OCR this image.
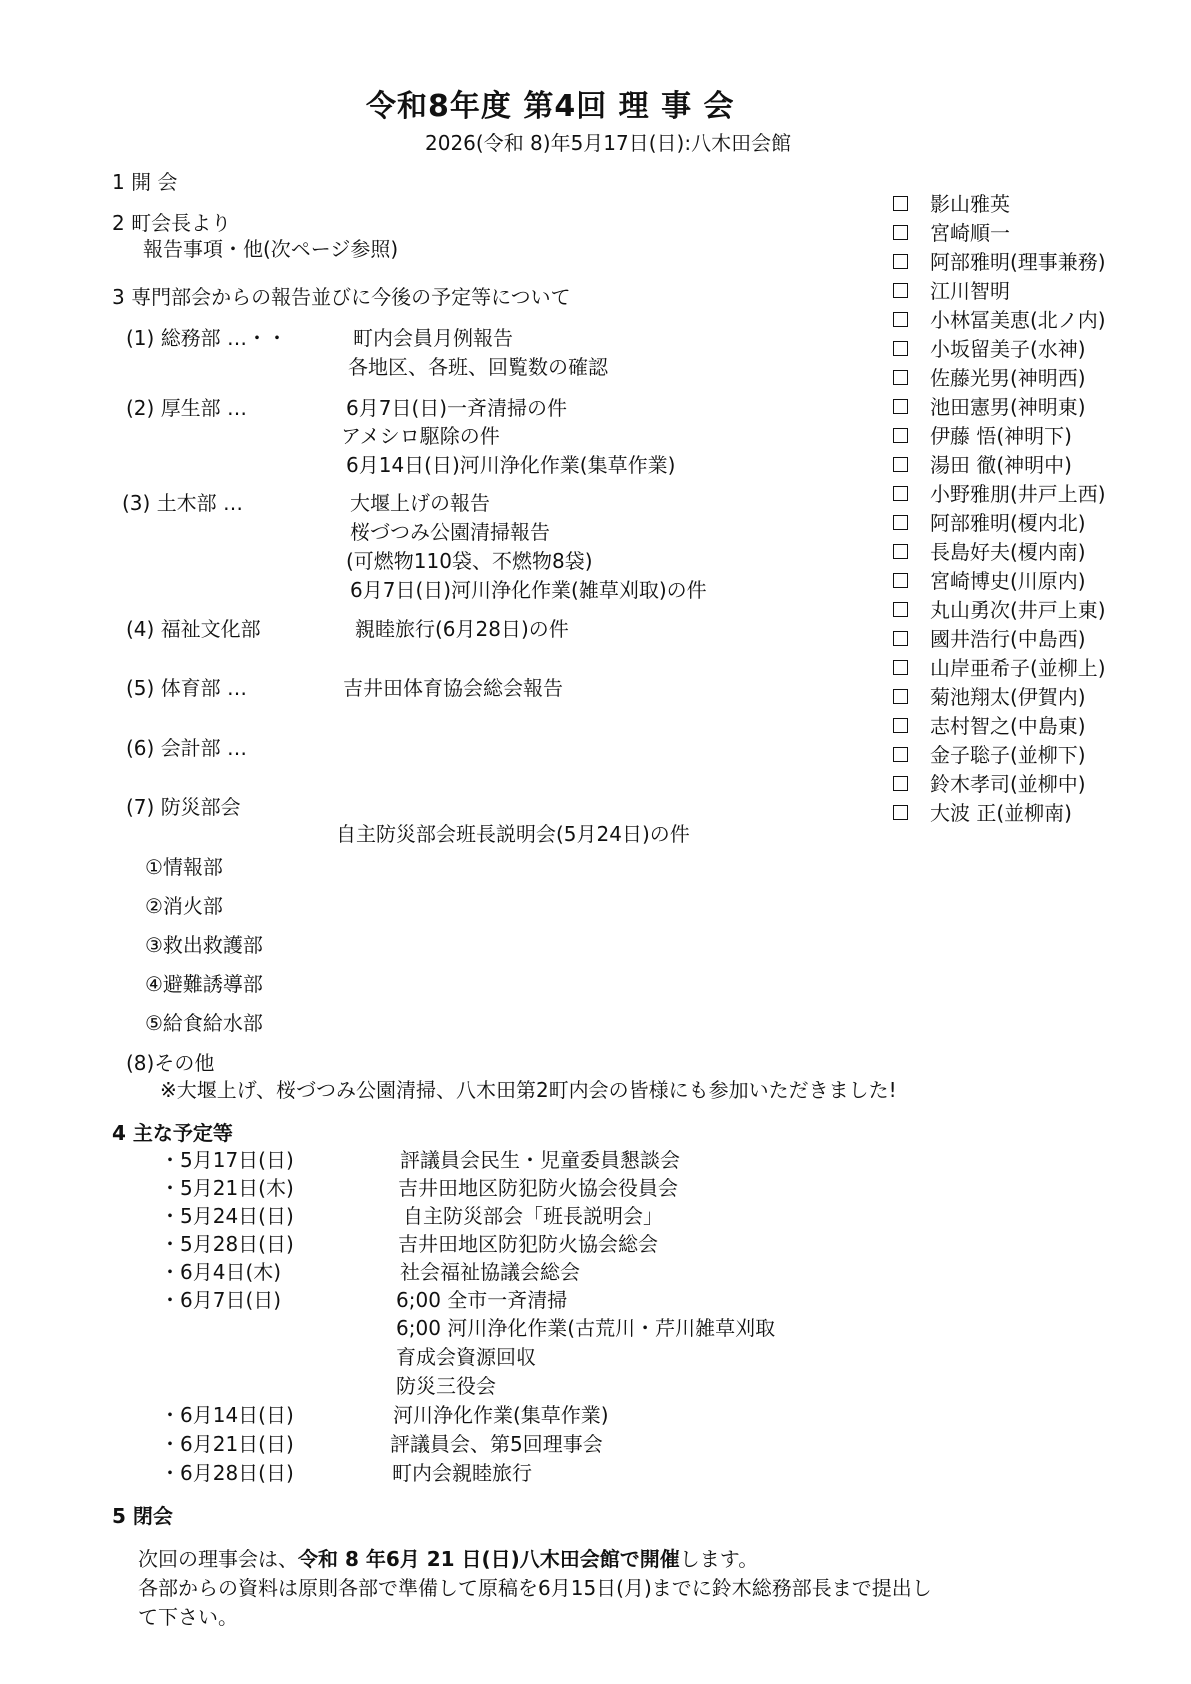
令和8年度 第4回 理 事 会
2026(令和 8)年5月17日(日):八木田会館
1 開 会
2 町会長より
報告事項・他(次ページ参照)
3 専門部会からの報告並びに今後の予定等について
(1) 総務部 …・・	町内会員月例報告
各地区、各班、回覧数の確認
(2) 厚生部 …	6月7日(日)一斉清掃の件
アメシロ駆除の件
6月14日(日)河川浄化作業(集草作業)
(3) 土木部 …	大堰上げの報告
桜づつみ公園清掃報告
(可燃物110袋、不燃物8袋)
6月7日(日)河川浄化作業(雑草刈取)の件
(4) 福祉文化部	親睦旅行(6月28日)の件
(5) 体育部 …	吉井田体育協会総会報告
(6) 会計部 …
(7) 防災部会
自主防災部会班長説明会(5月24日)の件
①情報部
②消火部
③救出救護部
④避難誘導部
⑤給食給水部
(8)その他
※大堰上げ、桜づつみ公園清掃、八木田第2町内会の皆様にも参加いただきました!
4 主な予定等
・5月17日(日)	評議員会民生・児童委員懇談会
・5月21日(木)	吉井田地区防犯防火協会役員会
・5月24日(日)	自主防災部会「班長説明会」
・5月28日(日)	吉井田地区防犯防火協会総会
・6月4日(木)	社会福祉協議会総会
・6月7日(日)	6;00 全市一斉清掃
6;00 河川浄化作業(古荒川・芹川雑草刈取
育成会資源回収
防災三役会
・6月14日(日)	河川浄化作業(集草作業)
・6月21日(日)	評議員会、第5回理事会
・6月28日(日)	町内会親睦旅行
5 閉会
次回の理事会は、令和 8 年6月 21 日(日)八木田会館で開催します。
各部からの資料は原則各部で準備して原稿を6月15日(月)までに鈴木総務部長まで提出し
て下さい。
影山雅英
宮崎順一
阿部雅明(理事兼務)
江川智明
小林冨美恵(北ノ内)
小坂留美子(水神)
佐藤光男(神明西)
池田憲男(神明東)
伊藤 悟(神明下)
湯田 徹(神明中)
小野雅朋(井戸上西)
阿部雅明(榎内北)
長島好夫(榎内南)
宮崎博史(川原内)
丸山勇次(井戸上東)
國井浩行(中島西)
山岸亜希子(並柳上)
菊池翔太(伊賀内)
志村智之(中島東)
金子聡子(並柳下)
鈴木孝司(並柳中)
大波 正(並柳南)
